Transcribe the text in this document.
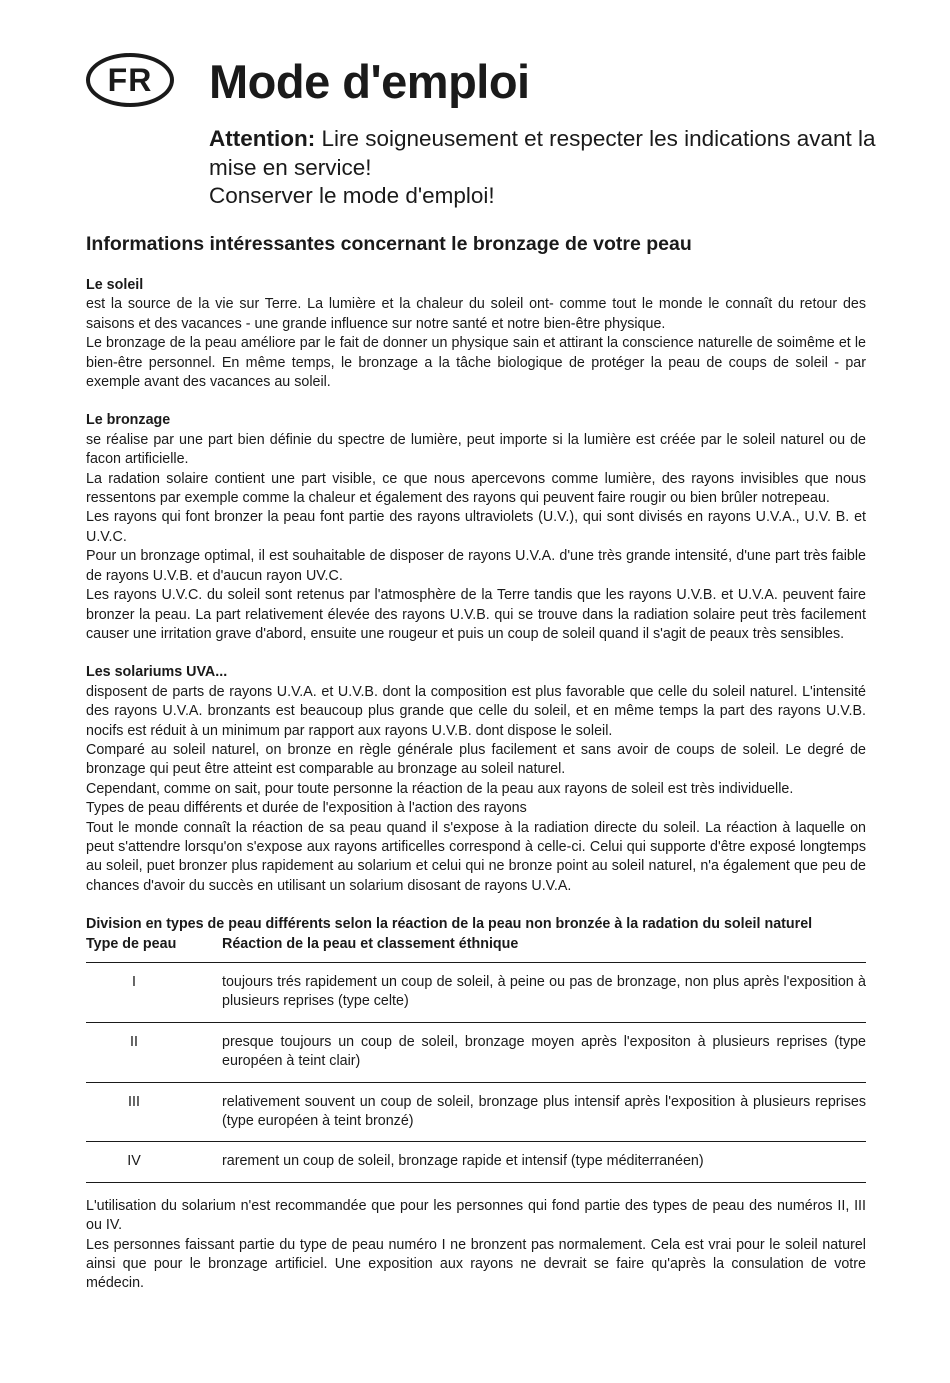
FR	Mode d'emploi
Attention: Lire soigneusement et respecter les indications avant la mise en service!
Conserver le mode d'emploi!
Informations intéressantes concernant le bronzage de votre peau
Le soleil

est la source de la vie sur Terre. La lumière et la chaleur du soleil ont- comme tout le monde le connaît du retour des saisons et des vacances - une grande influence sur notre santé et notre bien-être physique.

Le bronzage de la peau améliore par le fait de donner un physique sain et attirant la conscience naturelle de soimême et le bien-être personnel. En même temps, le bronzage a la tâche biologique de protéger la peau de coups de soleil - par exemple avant des vacances au soleil.

Le bronzage

se réalise par une part bien définie du spectre de lumière, peut importe si la lumière est créée par le soleil naturel ou de facon artificielle.

La radation solaire contient une part visible, ce que nous apercevons comme lumière, des rayons invisibles que nous ressentons par exemple comme la chaleur et également des rayons qui peuvent faire rougir ou bien brûler notrepeau.

Les rayons qui font bronzer la peau font partie des rayons ultraviolets (U.V.), qui sont divisés en rayons U.V.A., U.V. B. et U.V.C.

Pour un bronzage optimal, il est souhaitable de disposer de rayons U.V.A. d'une très grande intensité, d'une part très faible de rayons U.V.B. et d'aucun rayon UV.C.

Les rayons U.V.C. du soleil sont retenus par l'atmosphère de la Terre tandis que les rayons U.V.B. et U.V.A. peuvent faire bronzer la peau. La part relativement élevée des rayons U.V.B. qui se trouve dans la radiation solaire peut très facilement causer une irritation grave d'abord, ensuite une rougeur et puis un coup de soleil quand il s'agit de peaux très sensibles.

Les solariums UVA...

disposent de parts de rayons U.V.A. et U.V.B. dont la composition est plus favorable que celle du soleil naturel. L'intensité des rayons U.V.A. bronzants est beaucoup plus grande que celle du soleil, et en même temps la part des rayons U.V.B. nocifs est réduit à un minimum par rapport aux rayons U.V.B. dont dispose le soleil.

Comparé au soleil naturel, on bronze en règle générale plus facilement et sans avoir de coups de soleil. Le degré de bronzage qui peut être atteint est comparable au bronzage au soleil naturel.

Cependant, comme on sait, pour toute personne la réaction de la peau aux rayons de soleil est très individuelle.

Types de peau différents et durée de l'exposition à l'action des rayons

Tout le monde connaît la réaction de sa peau quand il s'expose à la radiation directe du soleil. La réaction à laquelle on peut s'attendre lorsqu'on s'expose aux rayons artificelles correspond à celle-ci. Celui qui supporte d'être exposé longtemps au soleil, puet bronzer plus rapidement au solarium et celui qui ne bronze point au soleil naturel, n'a également que peu de chances d'avoir du succès en utilisant un solarium disosant de rayons U.V.A.

Division en types de peau différents selon la réaction de la peau non bronzée à la radation du soleil naturel

Type de peau	Réaction de la peau et classement éthnique
I	toujours trés rapidement un coup de soleil, à peine ou pas de bronzage, non plus après l'exposition à plusieurs reprises (type celte)
II	presque toujours un coup de soleil, bronzage moyen après l'expositon à plusieurs reprises (type européen à teint clair)
III	relativement souvent un coup de soleil, bronzage plus intensif après l'exposition à plusieurs reprises (type européen à teint bronzé)
IV	rarement un coup de soleil, bronzage rapide et intensif (type méditerranéen)

L'utilisation du solarium n'est recommandée que pour les personnes qui fond partie des types de peau des numéros II, III ou IV.

Les personnes faissant partie du type de peau numéro I ne bronzent pas normalement. Cela est vrai pour le soleil naturel ainsi que pour le bronzage artificiel. Une exposition aux rayons ne devrait se faire qu'après la consulation de votre médecin.
